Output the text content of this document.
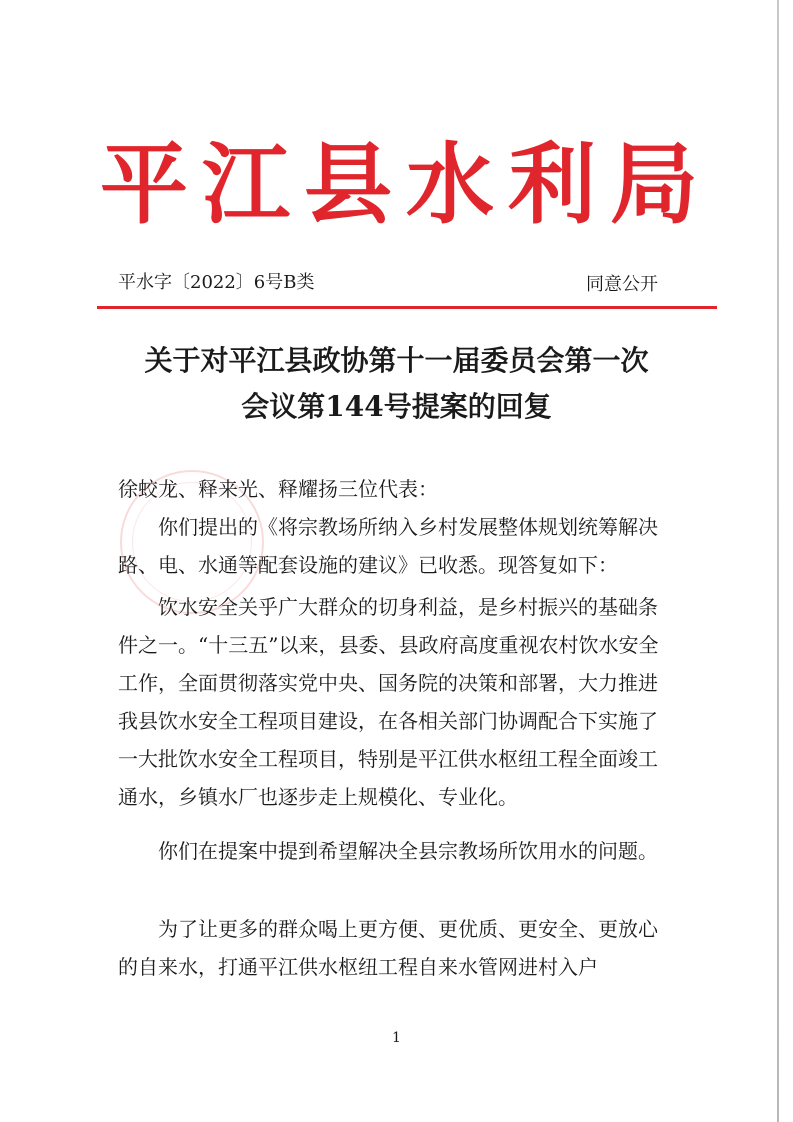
平江县水利局
平水字〔2022〕6号B类	同意公开
关于对平江县政协第十一届委员会第一次
会议第144号提案的回复
徐蛟龙、释来光、释耀扬三位代表：
你们提出的《将宗教场所纳入乡村发展整体规划统筹解决路、电、水通等配套设施的建议》已收悉。现答复如下：
饮水安全关乎广大群众的切身利益，是乡村振兴的基础条件之一。“十三五”以来，县委、县政府高度重视农村饮水安全工作，全面贯彻落实党中央、国务院的决策和部署，大力推进我县饮水安全工程项目建设，在各相关部门协调配合下实施了一大批饮水安全工程项目，特别是平江供水枢纽工程全面竣工通水，乡镇水厂也逐步走上规模化、专业化。
你们在提案中提到希望解决全县宗教场所饮用水的问题。
为了让更多的群众喝上更方便、更优质、更安全、更放心的自来水，打通平江供水枢纽工程自来水管网进村入户
1
